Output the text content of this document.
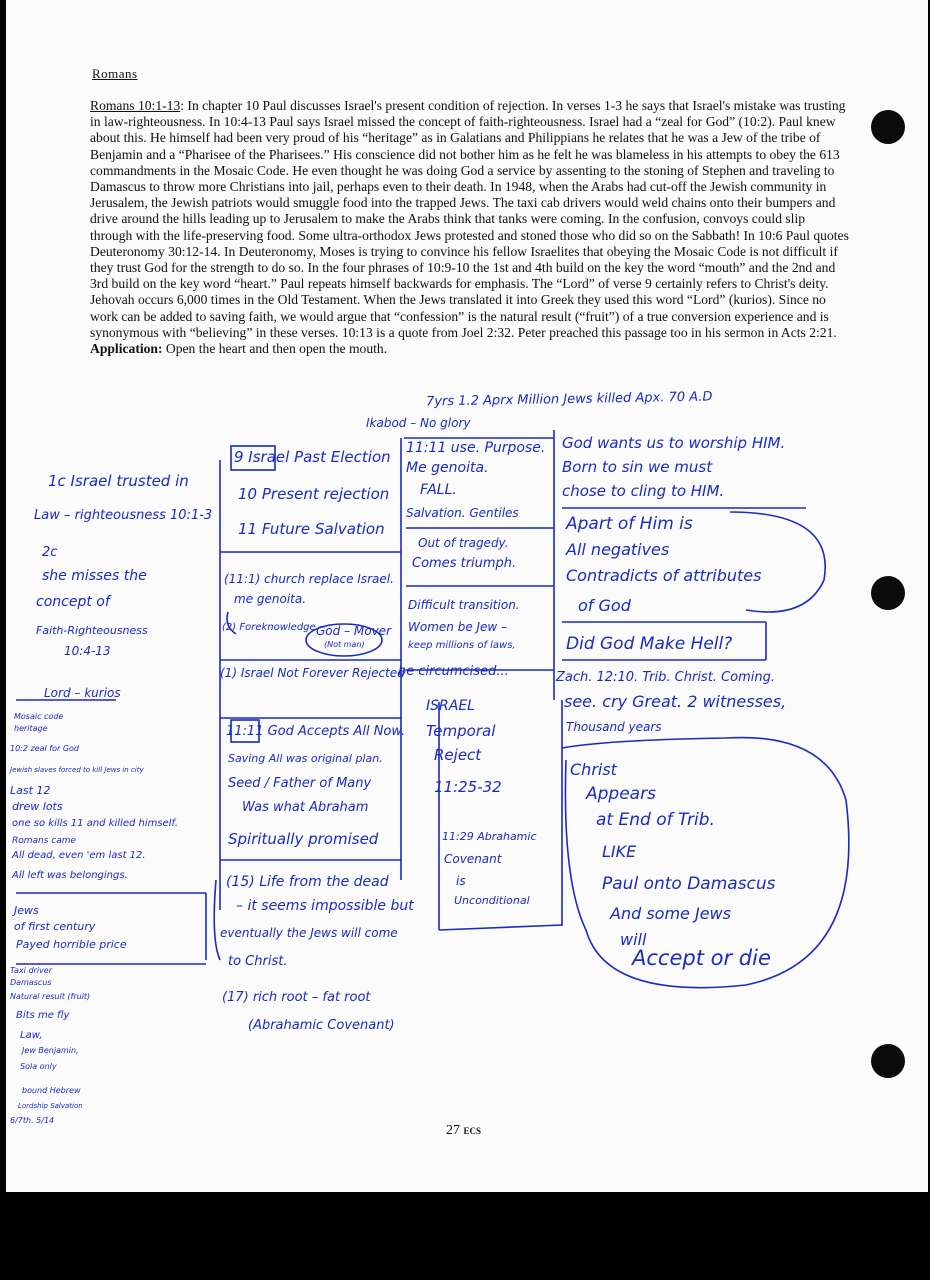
Romans
Romans 10:1-13: In chapter 10 Paul discusses Israel's present condition of rejection. In verses 1-3 he says that Israel's mistake was trusting in law-righteousness. In 10:4-13 Paul says Israel missed the concept of faith-righteousness. Israel had a “zeal for God” (10:2). Paul knew about this. He himself had been very proud of his “heritage” as in Galatians and Philippians he relates that he was a Jew of the tribe of Benjamin and a “Pharisee of the Pharisees.” His conscience did not bother him as he felt he was blameless in his attempts to obey the 613 commandments in the Mosaic Code. He even thought he was doing God a service by assenting to the stoning of Stephen and traveling to Damascus to throw more Christians into jail, perhaps even to their death. In 1948, when the Arabs had cut-off the Jewish community in Jerusalem, the Jewish patriots would smuggle food into the trapped Jews. The taxi cab drivers would weld chains onto their bumpers and drive around the hills leading up to Jerusalem to make the Arabs think that tanks were coming. In the confusion, convoys could slip through with the life-preserving food. Some ultra-orthodox Jews protested and stoned those who did so on the Sabbath! In 10:6 Paul quotes Deuteronomy 30:12-14. In Deuteronomy, Moses is trying to convince his fellow Israelites that obeying the Mosaic Code is not difficult if they trust God for the strength to do so. In the four phrases of 10:9-10 the 1st and 4th build on the key the word “mouth” and the 2nd and 3rd build on the key word “heart.” Paul repeats himself backwards for emphasis. The “Lord” of verse 9 certainly refers to Christ's deity. Jehovah occurs 6,000 times in the Old Testament. When the Jews translated it into Greek they used this word “Lord” (kurios). Since no work can be added to saving faith, we would argue that “confession” is the natural result (“fruit”) of a true conversion experience and is synonymous with “believing” in these verses. 10:13 is a quote from Joel 2:32. Peter preached this passage too in his sermon in Acts 2:21.
Application: Open the heart and then open the mouth.
7yrs 1.2 Aprx Million Jews killed Apx. 70 A.D
Ikabod – No glory
1c Israel trusted in
Law – righteousness 10:1-3
2c
she misses the
concept of
Faith-Righteousness
10:4-13
Lord – kurios
Mosaic code
heritage
10:2 zeal for God
Jewish slaves forced to kill Jews in city
Last 12
drew lots
one so kills 11 and killed himself.
Romans came
All dead, even 'em last 12.
All left was belongings.
Jews
of first century
Payed horrible price
Taxi driver
Damascus
Natural result (fruit)
Bits me fly
Law,
Jew Benjamin,
Sola only
bound Hebrew
Lordship Salvation
6/7th. 5/14
9 Israel Past Election
10 Present rejection
11 Future Salvation
(11:1) church replace Israel.
me genoita.
(2) Foreknowledge God – Mover
(Not man)
(1) Israel Not Forever Rejected
11:11 God Accepts All Now.
Saving All was original plan.
Seed / Father of Many
Was what Abraham
Spiritually promised
(15) Life from the dead
– it seems impossible but
eventually the Jews will come
to Christ.
(17) rich root – fat root
(Abrahamic Covenant)
11:11 use. Purpose.
Me genoita.
FALL.
Salvation. Gentiles
Out of tragedy.
Comes triumph.
Difficult transition.
Women be Jew –
keep millions of laws,
be circumcised...
ISRAEL
Temporal
Reject
11:25-32
11:29 Abrahamic
Covenant
is
Unconditional
God wants us to worship HIM.
Born to sin we must
chose to cling to HIM.
Apart of Him is
All negatives
Contradicts of attributes
of God
Did God Make Hell?
Zach. 12:10. Trib. Christ. Coming.
see. cry Great. 2 witnesses,
Thousand years
Christ
Appears
at End of Trib.
LIKE
Paul onto Damascus
And some Jews
will
Accept or die
27 ECS
